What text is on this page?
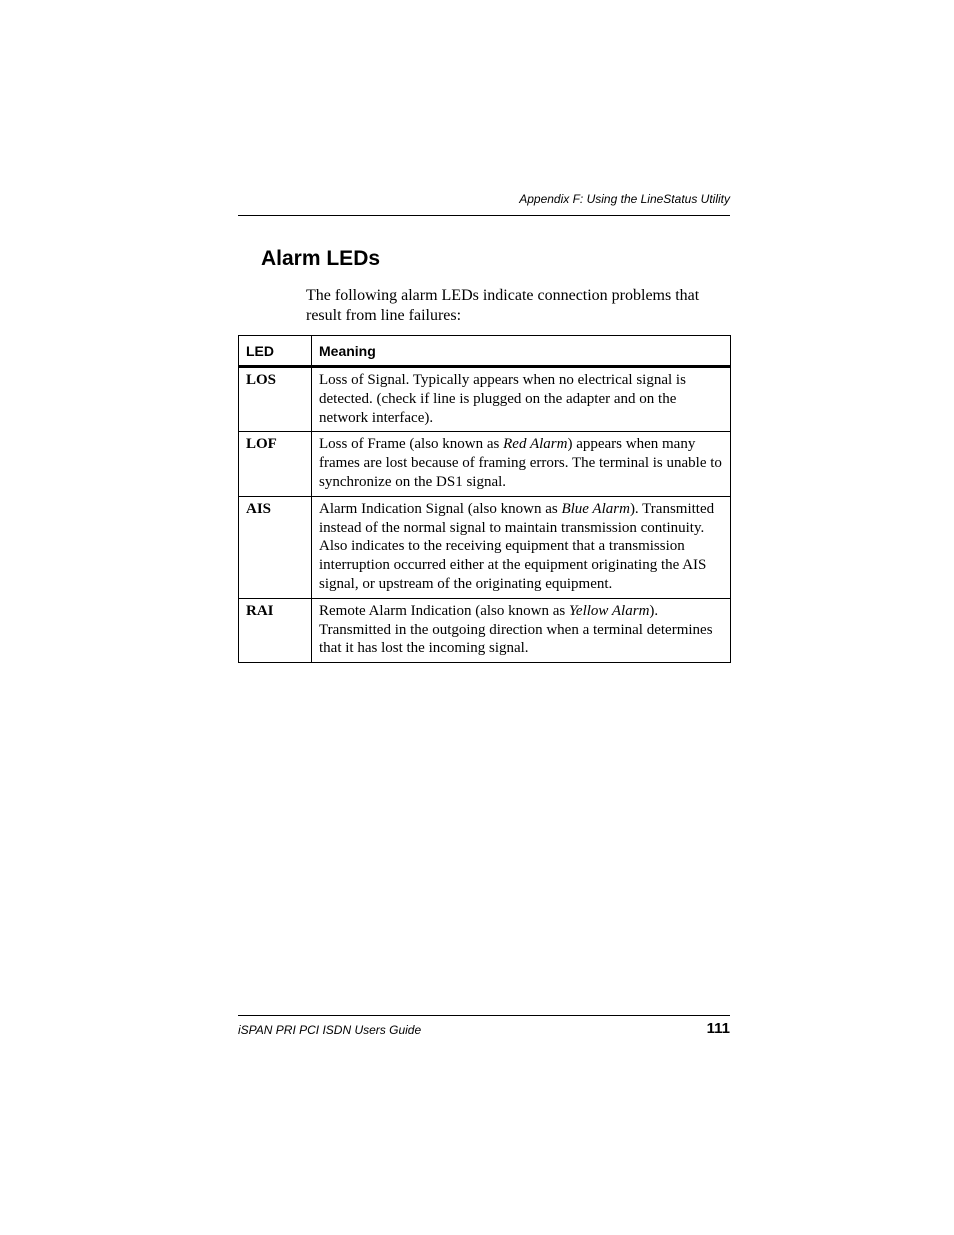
Appendix F: Using the LineStatus Utility
Alarm LEDs

The following alarm LEDs indicate connection problems that result from line failures:

LED	Meaning
LOS	Loss of Signal. Typically appears when no electrical signal is detected. (check if line is plugged on the adapter and on the network interface).
LOF	Loss of Frame (also known as Red Alarm) appears when many frames are lost because of framing errors. The terminal is unable to synchronize on the DS1 signal.
AIS	Alarm Indication Signal (also known as Blue Alarm). Transmitted instead of the normal signal to maintain transmission continuity. Also indicates to the receiving equipment that a transmission interruption occurred either at the equipment originating the AIS signal, or upstream of the originating equipment.
RAI	Remote Alarm Indication (also known as Yellow Alarm). Transmitted in the outgoing direction when a terminal determines that it has lost the incoming signal.
iSPAN PRI PCI ISDN Users Guide	111
